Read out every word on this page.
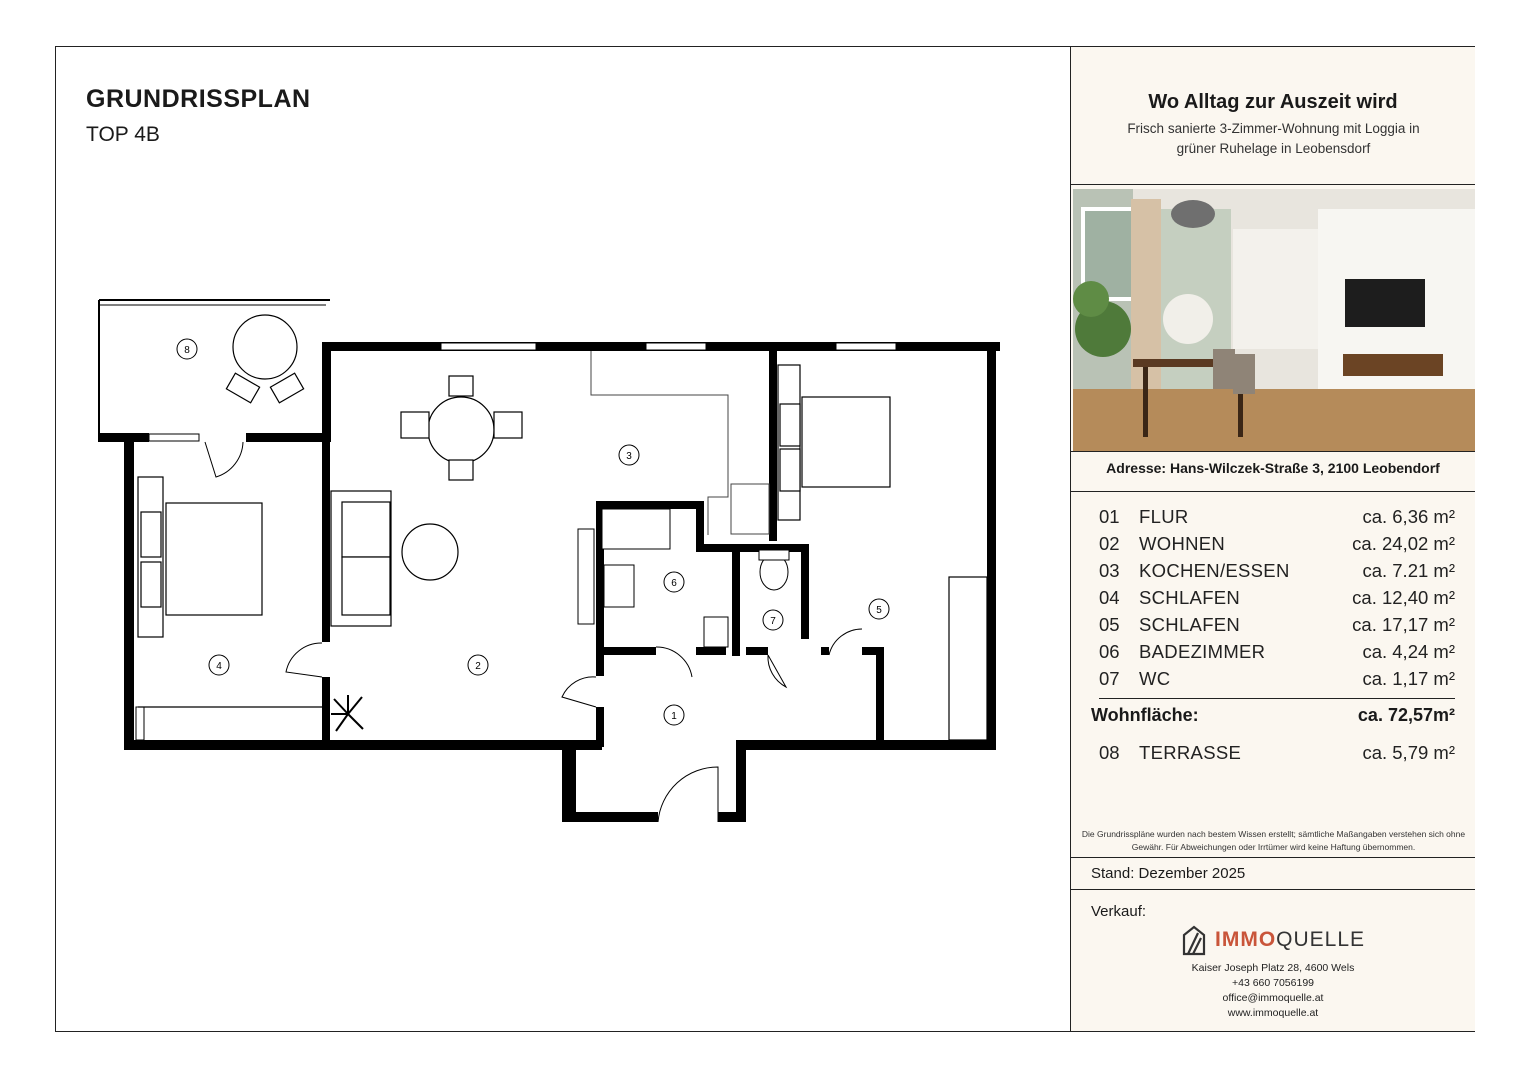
GRUNDRISSPLAN
TOP 4B
1
2
3
4
5
6
7
8
Wo Alltag zur Auszeit wird
Frisch sanierte 3-Zimmer-Wohnung mit Loggia in grüner Ruhelage in Leobensdorf
Adresse: Hans-Wilczek-Straße 3, 2100 Leobendorf
01	FLUR	ca. 6,36 m²
02	WOHNEN	ca. 24,02 m²
03	KOCHEN/ESSEN	ca. 7.21 m²
04	SCHLAFEN	ca. 12,40 m²
05	SCHLAFEN	ca. 17,17 m²
06	BADEZIMMER	ca. 4,24 m²
07	WC	ca. 1,17 m²
Wohnfläche:	ca. 72,57m²
08	TERRASSE	ca. 5,79 m²
Die Grundrisspläne wurden nach bestem Wissen erstellt; sämtliche Maßangaben verstehen sich ohne Gewähr. Für Abweichungen oder Irrtümer wird keine Haftung übernommen.
Stand: Dezember 2025
Verkauf:
IMMOQUELLE
Kaiser Joseph Platz 28, 4600 Wels
+43 660 7056199
office@immoquelle.at
www.immoquelle.at
